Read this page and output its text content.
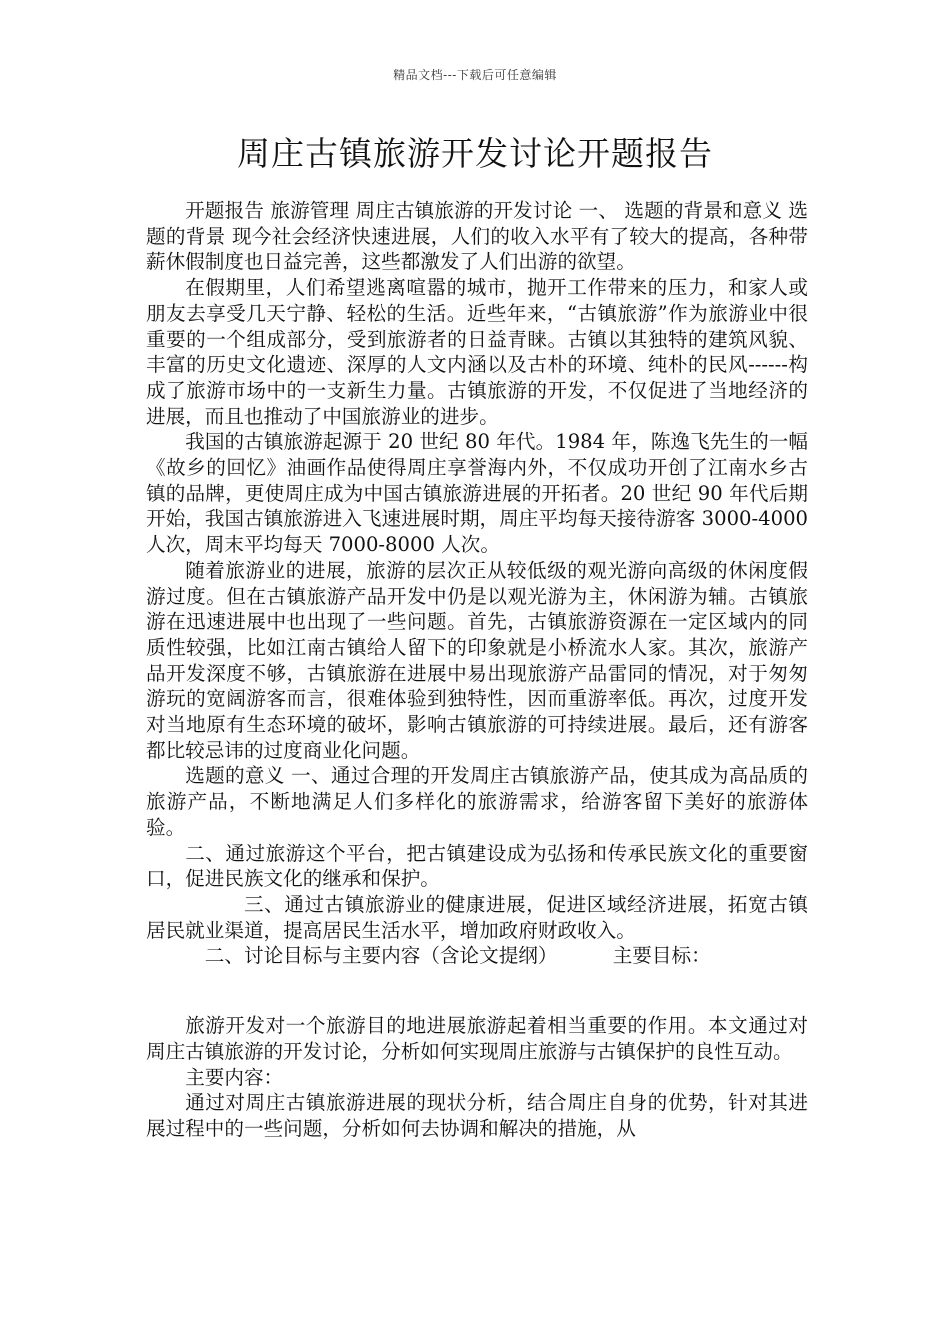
精品文档---下载后可任意编辑
周庄古镇旅游开发讨论开题报告

开题报告 旅游管理 周庄古镇旅游的开发讨论 一、 选题的背景和意义 选题的背景 现今社会经济快速进展，人们的收入水平有了较大的提高，各种带薪休假制度也日益完善，这些都激发了人们出游的欲望。

在假期里，人们希望逃离喧嚣的城市，抛开工作带来的压力，和家人或朋友去享受几天宁静、轻松的生活。近些年来，“古镇旅游”作为旅游业中很重要的一个组成部分，受到旅游者的日益青睐。古镇以其独特的建筑风貌、丰富的历史文化遗迹、深厚的人文内涵以及古朴的环境、纯朴的民风------构成了旅游市场中的一支新生力量。古镇旅游的开发，不仅促进了当地经济的进展，而且也推动了中国旅游业的进步。

我国的古镇旅游起源于 20 世纪 80 年代。1984 年，陈逸飞先生的一幅《故乡的回忆》油画作品使得周庄享誉海内外，不仅成功开创了江南水乡古镇的品牌，更使周庄成为中国古镇旅游进展的开拓者。20 世纪 90 年代后期开始，我国古镇旅游进入飞速进展时期，周庄平均每天接待游客 3000-4000 人次，周末平均每天 7000-8000 人次。

随着旅游业的进展，旅游的层次正从较低级的观光游向高级的休闲度假游过度。但在古镇旅游产品开发中仍是以观光游为主，休闲游为辅。古镇旅游在迅速进展中也出现了一些问题。首先，古镇旅游资源在一定区域内的同质性较强，比如江南古镇给人留下的印象就是小桥流水人家。其次，旅游产品开发深度不够，古镇旅游在进展中易出现旅游产品雷同的情况，对于匆匆游玩的宽阔游客而言，很难体验到独特性，因而重游率低。再次，过度开发对当地原有生态环境的破坏，影响古镇旅游的可持续进展。最后，还有游客都比较忌讳的过度商业化问题。

选题的意义 一、通过合理的开发周庄古镇旅游产品，使其成为高品质的旅游产品，不断地满足人们多样化的旅游需求，给游客留下美好的旅游体验。

二、通过旅游这个平台，把古镇建设成为弘扬和传承民族文化的重要窗口，促进民族文化的继承和保护。

三、通过古镇旅游业的健康进展，促进区域经济进展，拓宽古镇居民就业渠道，提高居民生活水平，增加政府财政收入。

二、讨论目标与主要内容（含论文提纲）　　　 主要目标：

旅游开发对一个旅游目的地进展旅游起着相当重要的作用。本文通过对周庄古镇旅游的开发讨论，分析如何实现周庄旅游与古镇保护的良性互动。

主要内容：

通过对周庄古镇旅游进展的现状分析，结合周庄自身的优势，针对其进展过程中的一些问题，分析如何去协调和解决的措施，从
